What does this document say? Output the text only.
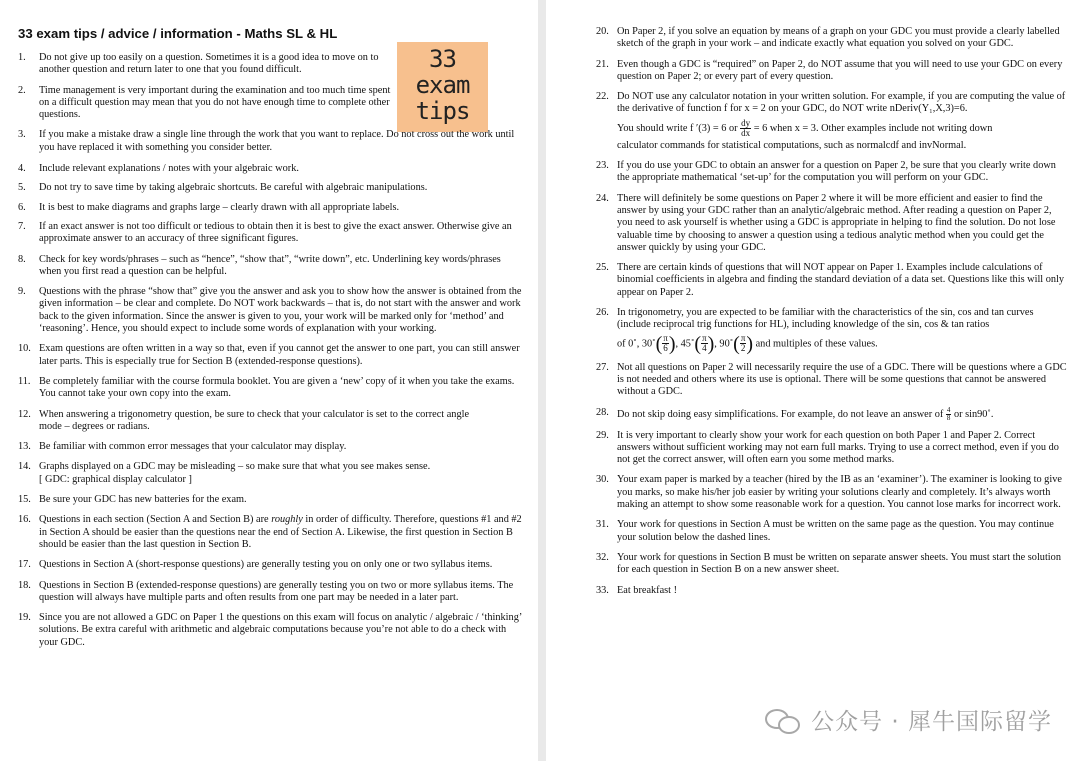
33 exam tips / advice / information - Maths SL & HL
33
exam
tips
1. Do not give up too easily on a question. Sometimes it is a good idea to move on to another question and return later to one that you found difficult.
2. Time management is very important during the examination and too much time spent on a difficult question may mean that you do not have enough time to complete other questions.
3. If you make a mistake draw a single line through the work that you want to replace. Do not cross out the work until you have replaced it with something you consider better.
4. Include relevant explanations / notes with your algebraic work.
5. Do not try to save time by taking algebraic shortcuts. Be careful with algebraic manipulations.
6. It is best to make diagrams and graphs large – clearly drawn with all appropriate labels.
7. If an exact answer is not too difficult or tedious to obtain then it is best to give the exact answer. Otherwise give an approximate answer to an accuracy of three significant figures.
8. Check for key words/phrases – such as “hence”, “show that”, “write down”, etc. Underlining key words/phrases when you first read a question can be helpful.
9. Questions with the phrase “show that” give you the answer and ask you to show how the answer is obtained from the given information – be clear and complete. Do NOT work backwards – that is, do not start with the answer and work back to the given information. Since the answer is given to you, your work will be marked only for ‘method’ and ‘reasoning’. Hence, you should expect to include some words of explanation with your working.
10. Exam questions are often written in a way so that, even if you cannot get the answer to one part, you can still answer later parts. This is especially true for Section B (extended-response questions).
11. Be completely familiar with the course formula booklet. You are given a ‘new’ copy of it when you take the exams. You cannot take your own copy into the exam.
12. When answering a trigonometry question, be sure to check that your calculator is set to the correct angle mode – degrees or radians.
13. Be familiar with common error messages that your calculator may display.
14. Graphs displayed on a GDC may be misleading – so make sure that what you see makes sense.
[ GDC: graphical display calculator ]
15. Be sure your GDC has new batteries for the exam.
16. Questions in each section (Section A and Section B) are roughly in order of difficulty. Therefore, questions #1 and #2 in Section A should be easier than the questions near the end of Section A. Likewise, the first question in Section B should be easier than the last question in Section B.
17. Questions in Section A (short-response questions) are generally testing you on only one or two syllabus items.
18. Questions in Section B (extended-response questions) are generally testing you on two or more syllabus items. The question will always have multiple parts and often results from one part may be needed in a later part.
19. Since you are not allowed a GDC on Paper 1 the questions on this exam will focus on analytic / algebraic / ‘thinking’ solutions. Be extra careful with arithmetic and algebraic computations because you’re not able to do a check with your GDC.
20. On Paper 2, if you solve an equation by means of a graph on your GDC you must provide a clearly labelled sketch of the graph in your work – and indicate exactly what equation you solved on your GDC.
21. Even though a GDC is “required” on Paper 2, do NOT assume that you will need to use your GDC on every question on Paper 2; or every part of every question.
22. Do NOT use any calculator notation in your written solution. For example, if you are computing the value of the derivative of function f for x = 2 on your GDC, do NOT write nDeriv(Y₁,X,3)=6.
You should write f ′(3) = 6 or $\frac{dy}{dx} = 6$ when x = 3. Other examples include not writing down
calculator commands for statistical computations, such as normalcdf and invNormal.
23. If you do use your GDC to obtain an answer for a question on Paper 2, be sure that you clearly write down the appropriate mathematical ‘set-up’ for the computation you will perform on your GDC.
24. There will definitely be some questions on Paper 2 where it will be more efficient and easier to find the answer by using your GDC rather than an analytic/algebraic method. After reading a question on Paper 2, you need to ask yourself is whether using a GDC is appropriate in helping to find the solution. Do not lose valuable time by choosing to answer a question using a tedious analytic method when you could get the answer quickly by using your GDC.
25. There are certain kinds of questions that will NOT appear on Paper 1. Examples include calculations of binomial coefficients in algebra and finding the standard deviation of a data set. Questions like this will only appear on Paper 2.
26. In trigonometry, you are expected to be familiar with the characteristics of the sin, cos and tan curves (include reciprocal trig functions for HL), including knowledge of the sin, cos & tan ratios
of 0˚, 30˚( $\frac{\pi}{6}$ ), 45˚( $\frac{\pi}{4}$ ), 90˚( $\frac{\pi}{2}$ ) and multiples of these values.
27. Not all questions on Paper 2 will necessarily require the use of a GDC. There will be questions where a GDC is not needed and others where its use is optional. There will be some questions that cannot be answered without a GDC.
28. Do not skip doing easy simplifications. For example, do not leave an answer of $\frac{4}{8}$ or sin90˚.
29. It is very important to clearly show your work for each question on both Paper 1 and Paper 2. Correct answers without sufficient working may not earn full marks. Trying to use a correct method, even if you do not get the correct answer, will often earn you some method marks.
30. Your exam paper is marked by a teacher (hired by the IB as an ‘examiner’). The examiner is looking to give you marks, so make his/her job easier by writing your solutions clearly and completely. It’s always worth making an attempt to show some reasonable work for a question. You cannot lose marks for incorrect work.
31. Your work for questions in Section A must be written on the same page as the question. You may continue your solution below the dashed lines.
32. Your work for questions in Section B must be written on separate answer sheets. You must start the solution for each question in Section B on a new answer sheet.
33. Eat breakfast !
公众号 · 犀牛国际留学
